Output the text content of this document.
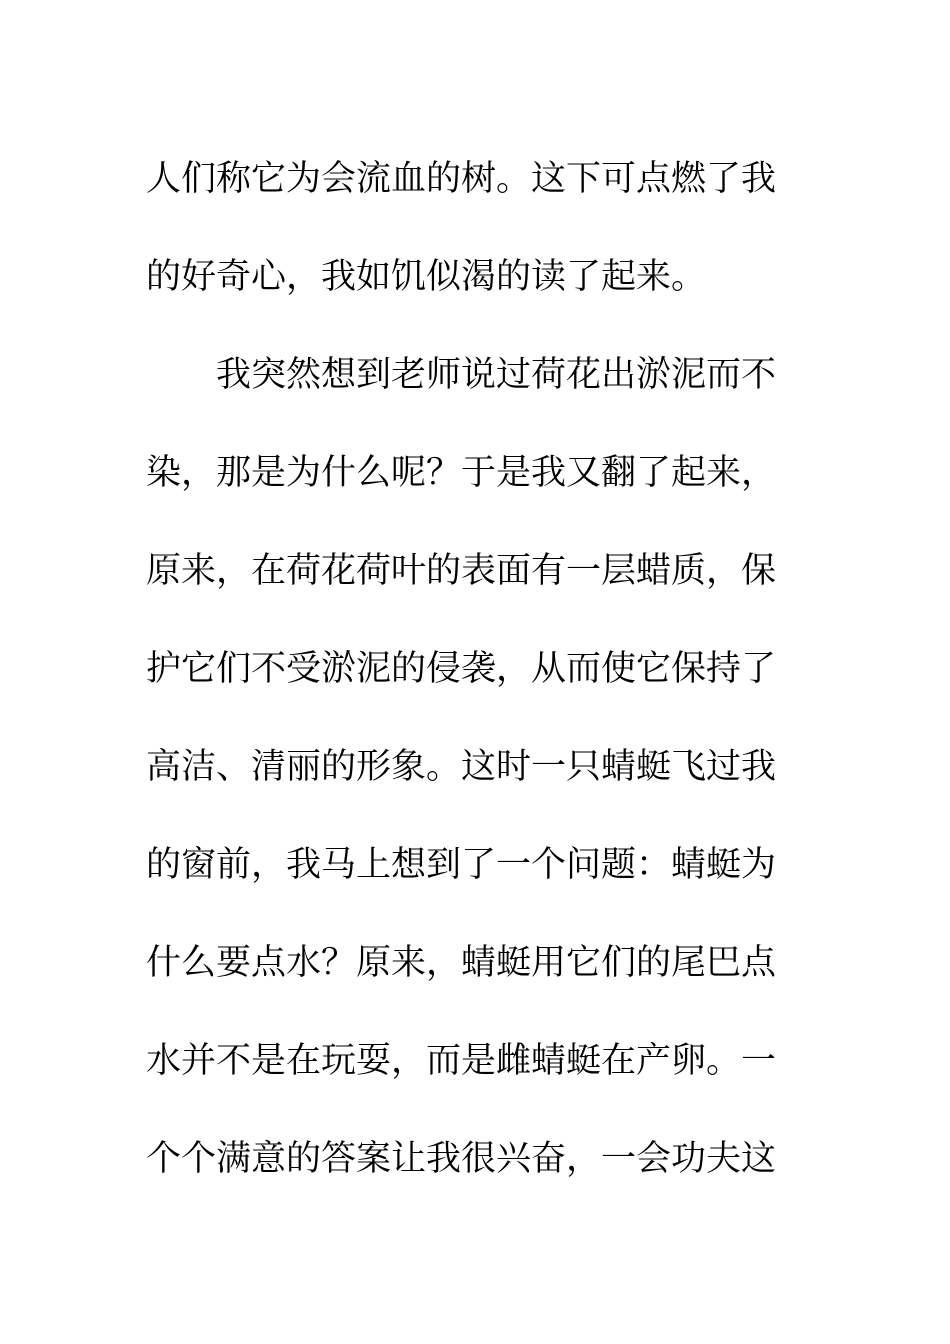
人们称它为会流血的树。这下可点燃了我
的好奇心，我如饥似渴的读了起来。
我突然想到老师说过荷花出淤泥而不
染，那是为什么呢？于是我又翻了起来，
原来，在荷花荷叶的表面有一层蜡质，保
护它们不受淤泥的侵袭，从而使它保持了
高洁、清丽的形象。这时一只蜻蜓飞过我
的窗前，我马上想到了一个问题：蜻蜓为
什么要点水？原来，蜻蜓用它们的尾巴点
水并不是在玩耍，而是雌蜻蜓在产卵。一
个个满意的答案让我很兴奋，一会功夫这
